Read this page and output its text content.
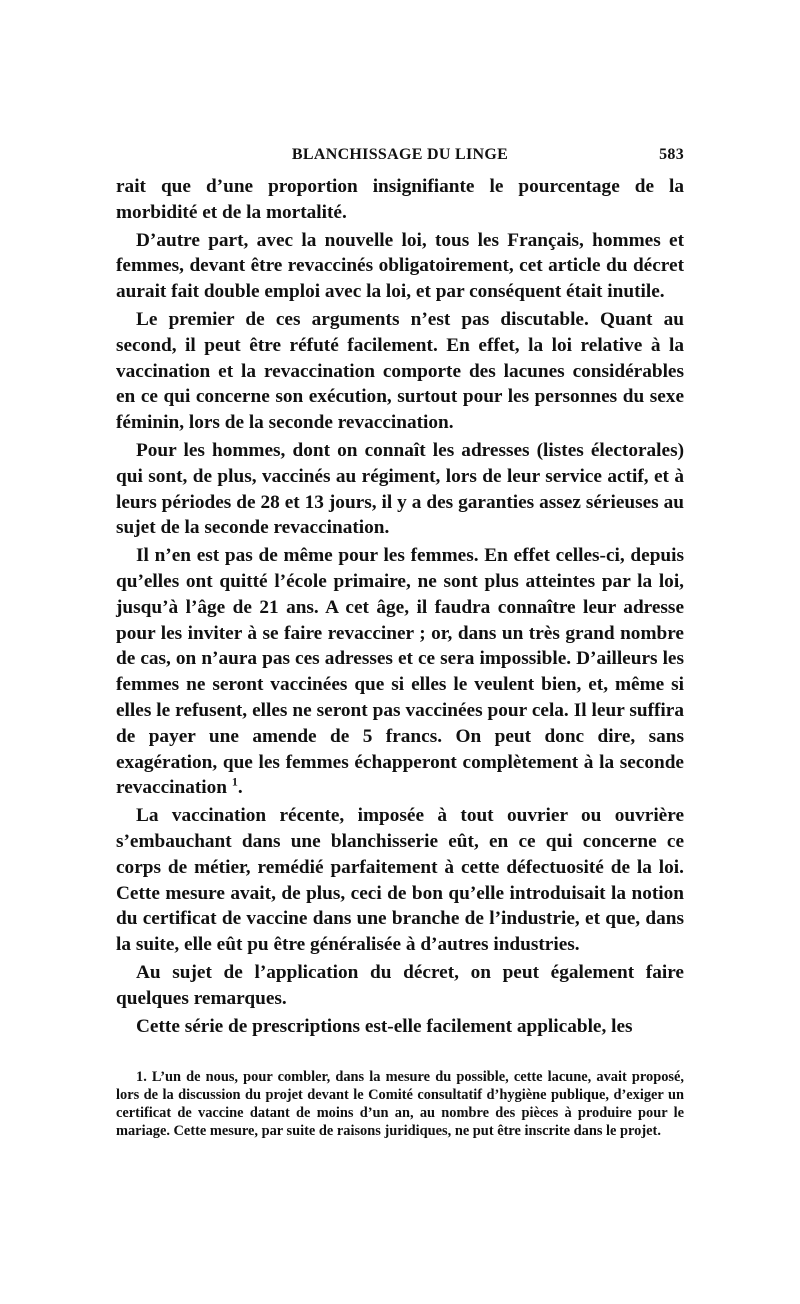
BLANCHISSAGE DU LINGE	583

rait que d’une proportion insignifiante le pourcentage de la morbidité et de la mortalité.

D’autre part, avec la nouvelle loi, tous les Français, hommes et femmes, devant être revaccinés obligatoirement, cet article du décret aurait fait double emploi avec la loi, et par conséquent était inutile.

Le premier de ces arguments n’est pas discutable. Quant au second, il peut être réfuté facilement. En effet, la loi relative à la vaccination et la revaccination comporte des lacunes considérables en ce qui concerne son exécution, surtout pour les personnes du sexe féminin, lors de la seconde revaccination.

Pour les hommes, dont on connaît les adresses (listes électorales) qui sont, de plus, vaccinés au régiment, lors de leur service actif, et à leurs périodes de 28 et 13 jours, il y a des garanties assez sérieuses au sujet de la seconde revaccination.

Il n’en est pas de même pour les femmes. En effet celles-ci, depuis qu’elles ont quitté l’école primaire, ne sont plus atteintes par la loi, jusqu’à l’âge de 21 ans. A cet âge, il faudra connaître leur adresse pour les inviter à se faire revacciner ; or, dans un très grand nombre de cas, on n’aura pas ces adresses et ce sera impossible. D’ailleurs les femmes ne seront vaccinées que si elles le veulent bien, et, même si elles le refusent, elles ne seront pas vaccinées pour cela. Il leur suffira de payer une amende de 5 francs. On peut donc dire, sans exagération, que les femmes échapperont complètement à la seconde revaccination $^1$.

La vaccination récente, imposée à tout ouvrier ou ouvrière s’embauchant dans une blanchisserie eût, en ce qui concerne ce corps de métier, remédié parfaitement à cette défectuosité de la loi. Cette mesure avait, de plus, ceci de bon qu’elle introduisait la notion du certificat de vaccine dans une branche de l’industrie, et que, dans la suite, elle eût pu être généralisée à d’autres industries.

Au sujet de l’application du décret, on peut également faire quelques remarques.

Cette série de prescriptions est-elle facilement applicable, les

1. L’un de nous, pour combler, dans la mesure du possible, cette lacune, avait proposé, lors de la discussion du projet devant le Comité consultatif d’hygiène publique, d’exiger un certificat de vaccine datant de moins d’un an, au nombre des pièces à produire pour le mariage. Cette mesure, par suite de raisons juridiques, ne put être inscrite dans le projet.
